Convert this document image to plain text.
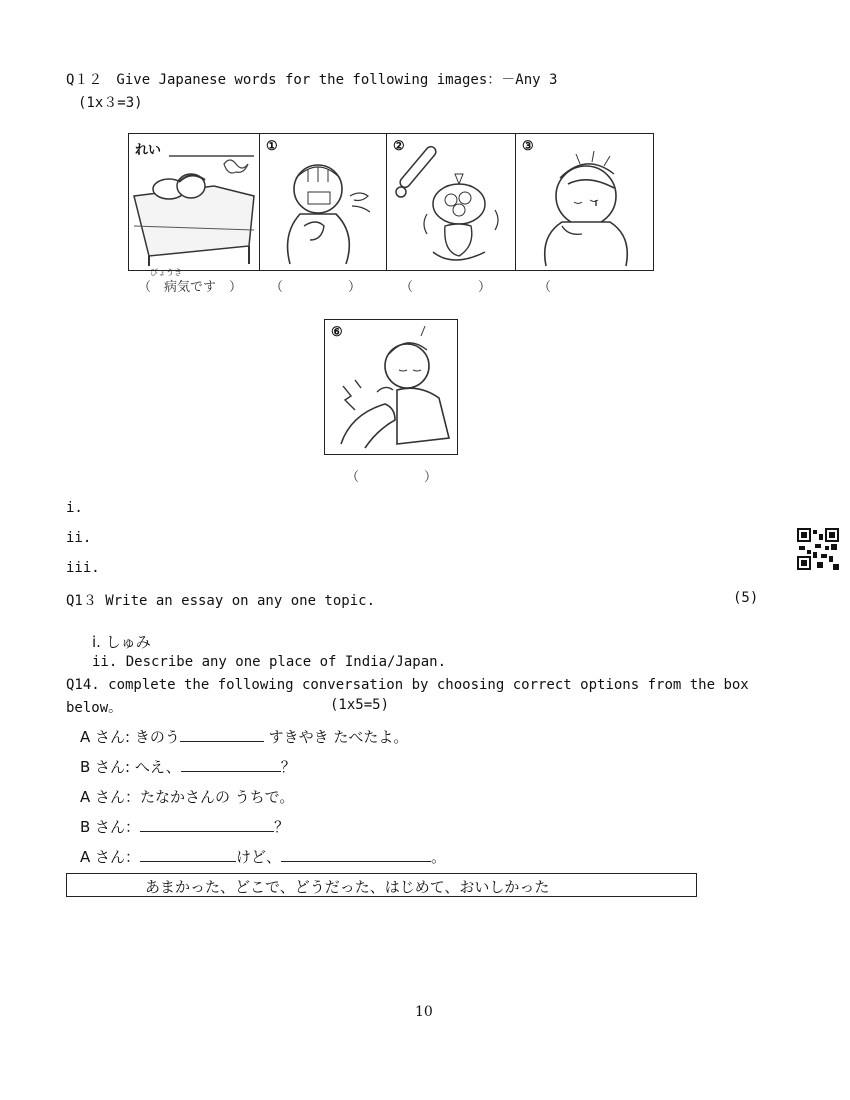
Q１２　Give Japanese words for the following images：－Any 3
(1x３=3)
れい	①	②	③
びょうき
（　病気です　） （　　　　　）	（　　　　　）	（　　　　
⑥
（　　　　　）
i.
ii.
iii.
Q1３ Write an essay on any one topic.	(5)
i. しゅみ
ii. Describe any one place of India/Japan.
Q14. complete the following conversation by choosing correct options from the box
below。	(1x5=5)
A さん: きのう	すきやき たべたよ。
B さん: へえ、	？
A さん：たなかさんの うちで。
B さん：	？
A さん：	けど、	。
あまかった、どこで、どうだった、はじめて、おいしかった
10
